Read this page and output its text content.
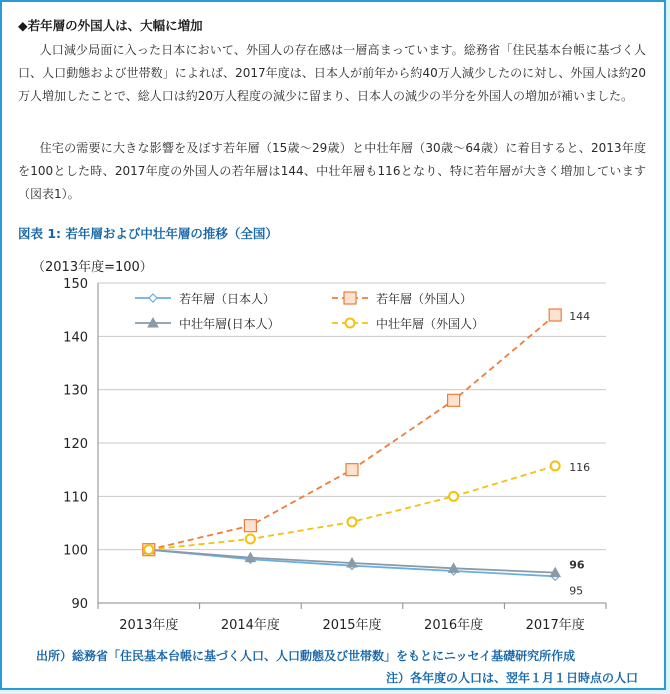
◆若年層の外国人は、大幅に増加
人口減少局面に入った日本において、外国人の存在感は一層高まっています。総務省「住民基本台帳に基づく人口、人口動態および世帯数」によれば、2017年度は、日本人が前年から約40万人減少したのに対し、外国人は約20万人増加したことで、総人口は約20万人程度の減少に留まり、日本人の減少の半分を外国人の増加が補いました。
住宅の需要に大きな影響を及ぼす若年層（15歳～29歳）と中壮年層（30歳～64歳）に着目すると、2013年度を100とした時、2017年度の外国人の若年層は144、中壮年層も116となり、特に若年層が大きく増加しています（図表1）。
図表 1: 若年層および中壮年層の推移（全国）
（2013年度=100）
90
100
110
120
130
140
150
2013年度	2014年度	2015年度	2016年度	2017年度
95
144
96
116
若年層（日本人）	若年層（外国人）
中壮年層(日本人）	中壮年層（外国人）
出所）総務省「住民基本台帳に基づく人口、人口動態及び世帯数」をもとにニッセイ基礎研究所作成
注）各年度の人口は、翌年１月１日時点の人口
